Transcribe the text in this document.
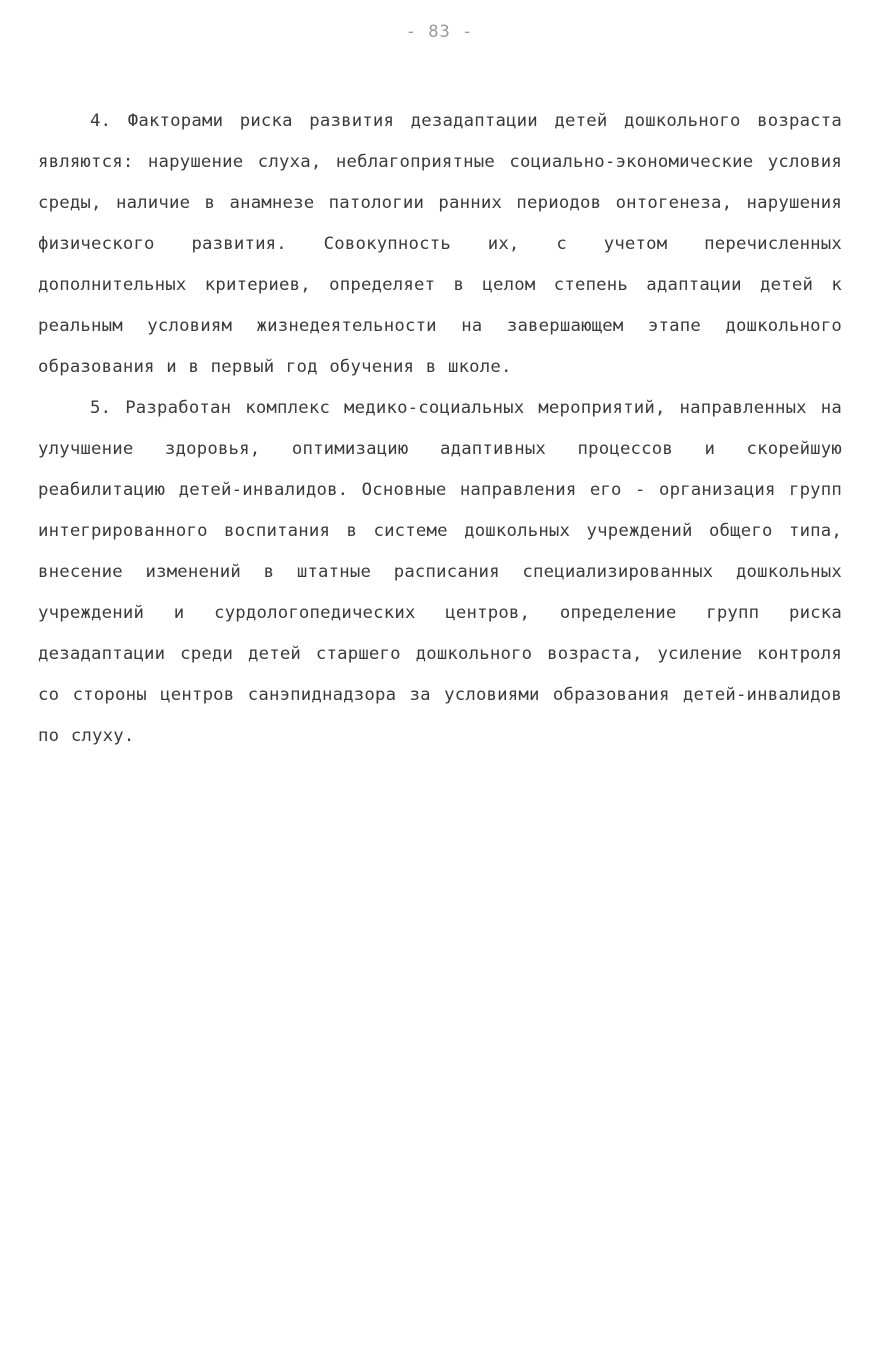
- 83 -

4. Факторами риска развития дезадаптации детей дошкольного возраста являются: нарушение слуха, неблагоприятные социально-экономические условия среды, наличие в анамнезе патологии ранних периодов онтогенеза, нарушения физического развития. Совокупность их, с учетом перечисленных дополнительных критериев, определяет в целом степень адаптации детей к реальным условиям жизнедеятельности на завершающем этапе дошкольного образования и в первый год обучения в школе.

5. Разработан комплекс медико-социальных мероприятий, направленных на улучшение здоровья, оптимизацию адаптивных процессов и скорейшую реабилитацию детей-инвалидов. Основные направления его - организация групп интегрированного воспитания в системе дошкольных учреждений общего типа, внесение изменений в штатные расписания специализированных дошкольных учреждений и сурдологопедических центров, определение групп риска дезадаптации среди детей старшего дошкольного возраста, усиление контроля со стороны центров санэпиднадзора за условиями образования детей-инвалидов по слуху.
